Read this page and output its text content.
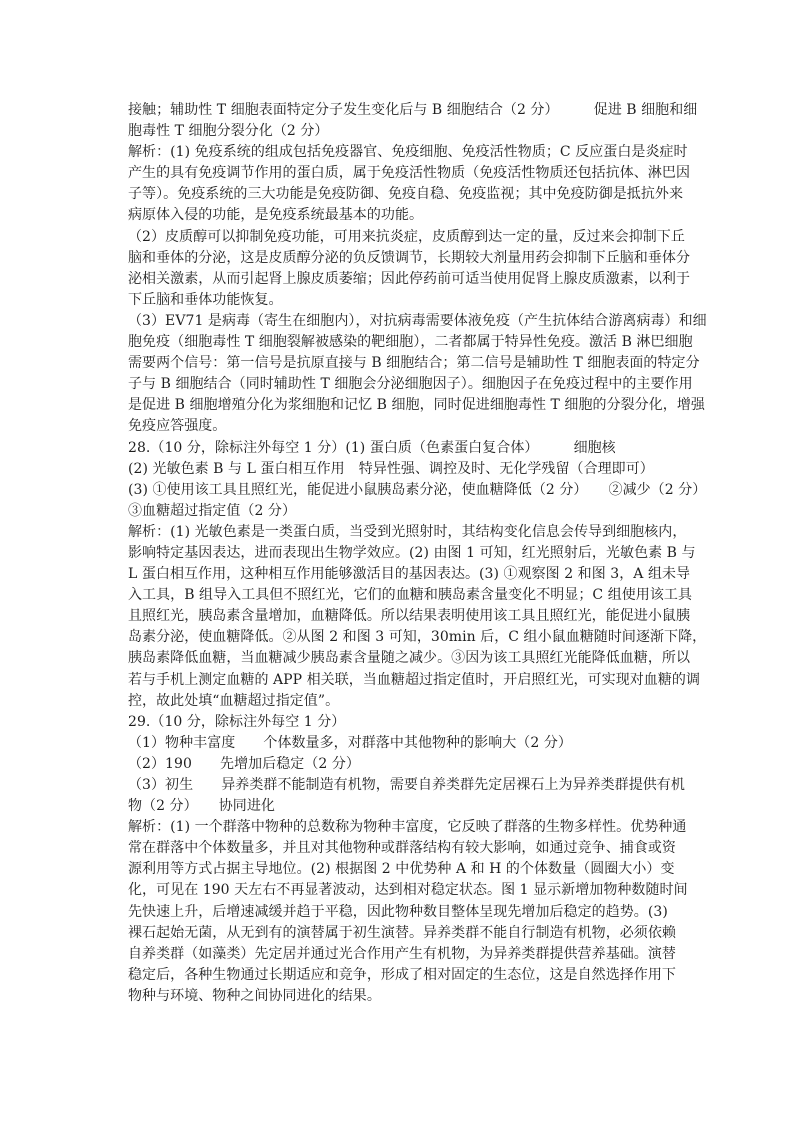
接触；辅助性 T 细胞表面特定分子发生变化后与 B 细胞结合（2 分）　　　促进 B 细胞和细
胞毒性 T 细胞分裂分化（2 分）
解析：(1) 免疫系统的组成包括免疫器官、免疫细胞、免疫活性物质；C 反应蛋白是炎症时
产生的具有免疫调节作用的蛋白质，属于免疫活性物质（免疫活性物质还包括抗体、淋巴因
子等）。免疫系统的三大功能是免疫防御、免疫自稳、免疫监视；其中免疫防御是抵抗外来
病原体入侵的功能，是免疫系统最基本的功能。
（2）皮质醇可以抑制免疫功能，可用来抗炎症，皮质醇到达一定的量，反过来会抑制下丘
脑和垂体的分泌，这是皮质醇分泌的负反馈调节，长期较大剂量用药会抑制下丘脑和垂体分
泌相关激素，从而引起肾上腺皮质萎缩；因此停药前可适当使用促肾上腺皮质激素，以利于
下丘脑和垂体功能恢复。
（3）EV71 是病毒（寄生在细胞内），对抗病毒需要体液免疫（产生抗体结合游离病毒）和细
胞免疫（细胞毒性 T 细胞裂解被感染的靶细胞），二者都属于特异性免疫。激活 B 淋巴细胞
需要两个信号：第一信号是抗原直接与 B 细胞结合；第二信号是辅助性 T 细胞表面的特定分
子与 B 细胞结合（同时辅助性 T 细胞会分泌细胞因子）。细胞因子在免疫过程中的主要作用
是促进 B 细胞增殖分化为浆细胞和记忆 B 细胞，同时促进细胞毒性 T 细胞的分裂分化，增强
免疫应答强度。
28.（10 分，除标注外每空 1 分）(1) 蛋白质（色素蛋白复合体）　　　细胞核
(2) 光敏色素 B 与 L 蛋白相互作用　特异性强、调控及时、无化学残留（合理即可）
(3) ①使用该工具且照红光，能促进小鼠胰岛素分泌，使血糖降低（2 分）　　②减少（2 分）
③血糖超过指定值（2 分）
解析：(1) 光敏色素是一类蛋白质，当受到光照射时，其结构变化信息会传导到细胞核内，
影响特定基因表达，进而表现出生物学效应。(2) 由图 1 可知，红光照射后，光敏色素 B 与
L 蛋白相互作用，这种相互作用能够激活目的基因表达。(3) ①观察图 2 和图 3，A 组未导
入工具，B 组导入工具但不照红光，它们的血糖和胰岛素含量变化不明显；C 组使用该工具
且照红光，胰岛素含量增加，血糖降低。所以结果表明使用该工具且照红光，能促进小鼠胰
岛素分泌，使血糖降低。②从图 2 和图 3 可知，30min 后，C 组小鼠血糖随时间逐渐下降，
胰岛素降低血糖，当血糖减少胰岛素含量随之减少。③因为该工具照红光能降低血糖，所以
若与手机上测定血糖的 APP 相关联，当血糖超过指定值时，开启照红光，可实现对血糖的调
控，故此处填“血糖超过指定值”。
29.（10 分，除标注外每空 1 分）
（1）物种丰富度　　个体数量多，对群落中其他物种的影响大（2 分）
（2）190　　先增加后稳定（2 分）
（3）初生　　异养类群不能制造有机物，需要自养类群先定居裸石上为异养类群提供有机
物（2 分）　　协同进化
解析：(1) 一个群落中物种的总数称为物种丰富度，它反映了群落的生物多样性。优势种通
常在群落中个体数量多，并且对其他物种或群落结构有较大影响，如通过竞争、捕食或资
源利用等方式占据主导地位。(2) 根据图 2 中优势种 A 和 H 的个体数量（圆圈大小）变
化，可见在 190 天左右不再显著波动，达到相对稳定状态。图 1 显示新增加物种数随时间
先快速上升，后增速减缓并趋于平稳，因此物种数目整体呈现先增加后稳定的趋势。(3)
裸石起始无菌，从无到有的演替属于初生演替。异养类群不能自行制造有机物，必须依赖
自养类群（如藻类）先定居并通过光合作用产生有机物，为异养类群提供营养基础。演替
稳定后，各种生物通过长期适应和竞争，形成了相对固定的生态位，这是自然选择作用下
物种与环境、物种之间协同进化的结果。
